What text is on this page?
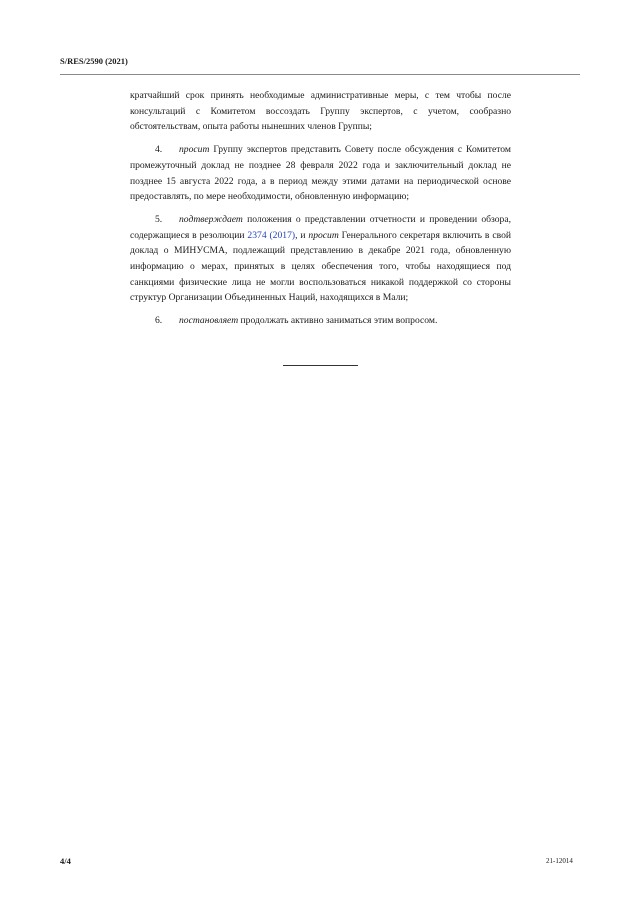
S/RES/2590 (2021)

кратчайший срок принять необходимые административные меры, с тем чтобы после консультаций с Комитетом воссоздать Группу экспертов, с учетом, сообразно обстоятельствам, опыта работы нынешних членов Группы;

4. просит Группу экспертов представить Совету после обсуждения с Комитетом промежуточный доклад не позднее 28 февраля 2022 года и заключительный доклад не позднее 15 августа 2022 года, а в период между этими датами на периодической основе предоставлять, по мере необходимости, обновленную информацию;

5. подтверждает положения о представлении отчетности и проведении обзора, содержащиеся в резолюции 2374 (2017), и просит Генерального секретаря включить в свой доклад о МИНУСМА, подлежащий представлению в декабре 2021 года, обновленную информацию о мерах, принятых в целях обеспечения того, чтобы находящиеся под санкциями физические лица не могли воспользоваться никакой поддержкой со стороны структур Организации Объединенных Наций, находящихся в Мали;

6. постановляет продолжать активно заниматься этим вопросом.

4/4	21-12014
